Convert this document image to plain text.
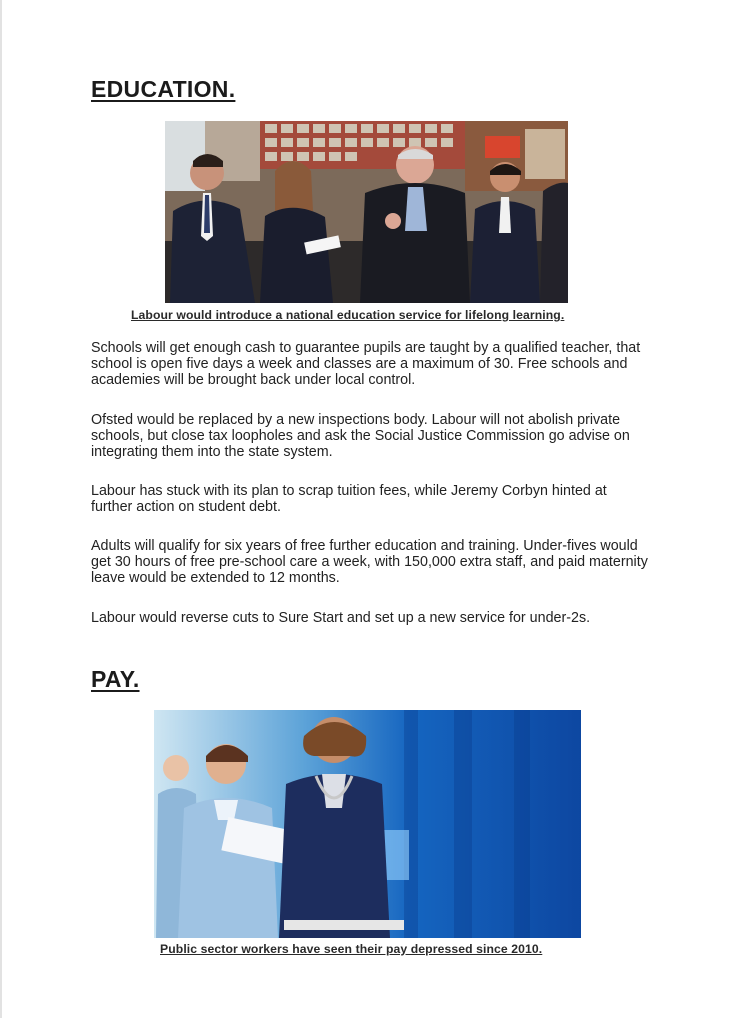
EDUCATION.
Labour would introduce a national education service for lifelong learning.

Schools will get enough cash to guarantee pupils are taught by a qualified teacher, that school is open five days a week and classes are a maximum of 30. Free schools and academies will be brought back under local control.

Ofsted would be replaced by a new inspections body. Labour will not abolish private schools, but close tax loopholes and ask the Social Justice Commission go advise on integrating them into the state system.

Labour has stuck with its plan to scrap tuition fees, while Jeremy Corbyn hinted at further action on student debt.

Adults will qualify for six years of free further education and training. Under-fives would get 30 hours of free pre-school care a week, with 150,000 extra staff, and paid maternity leave would be extended to 12 months.

Labour would reverse cuts to Sure Start and set up a new service for under-2s.

PAY.
Public sector workers have seen their pay depressed since 2010.
